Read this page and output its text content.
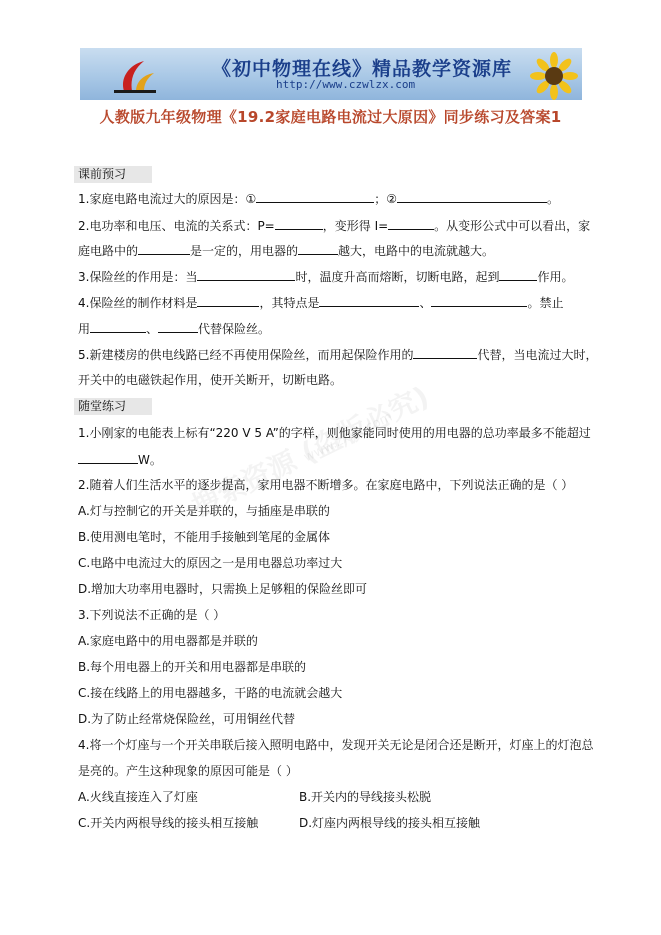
《初中物理在线》精品教学资源库
http://www.czwlzx.com
人教版九年级物理《19.2家庭电路电流过大原因》同步练习及答案1
www.zxxk.com
课前预习
1.家庭电路电流过大的原因是：①	；②	。
2.电功率和电压、电流的关系式：P=	，变形得 I=	。从变形公式中可以看出，家
庭电路中的	是一定的，用电器的	越大，电路中的电流就越大。
3.保险丝的作用是：当	时，温度升高而熔断，切断电路，起到	作用。
4.保险丝的制作材料是	，其特点是	、	。禁止
用	、	代替保险丝。
5.新建楼房的供电线路已经不再使用保险丝，而用起保险作用的	代替，当电流过大时，
开关中的电磁铁起作用，使开关断开，切断电路。
随堂练习
1.小刚家的电能表上标有“220 V 5 A”的字样，则他家能同时使用的用电器的总功率最多不能超过
W。
2.随着人们生活水平的逐步提高，家用电器不断增多。在家庭电路中，下列说法正确的是（ ）
A.灯与控制它的开关是并联的，与插座是串联的
B.使用测电笔时，不能用手接触到笔尾的金属体
C.电路中电流过大的原因之一是用电器总功率过大
D.增加大功率用电器时，只需换上足够粗的保险丝即可
3.下列说法不正确的是（ ）
A.家庭电路中的用电器都是并联的
B.每个用电器上的开关和用电器都是串联的
C.接在线路上的用电器越多，干路的电流就会越大
D.为了防止经常烧保险丝，可用铜丝代替
4.将一个灯座与一个开关串联后接入照明电路中，发现开关无论是闭合还是断开，灯座上的灯泡总
是亮的。产生这种现象的原因可能是（ ）
A.火线直接连入了灯座	B.开关内的导线接头松脱
C.开关内两根导线的接头相互接触	D.灯座内两根导线的接头相互接触
